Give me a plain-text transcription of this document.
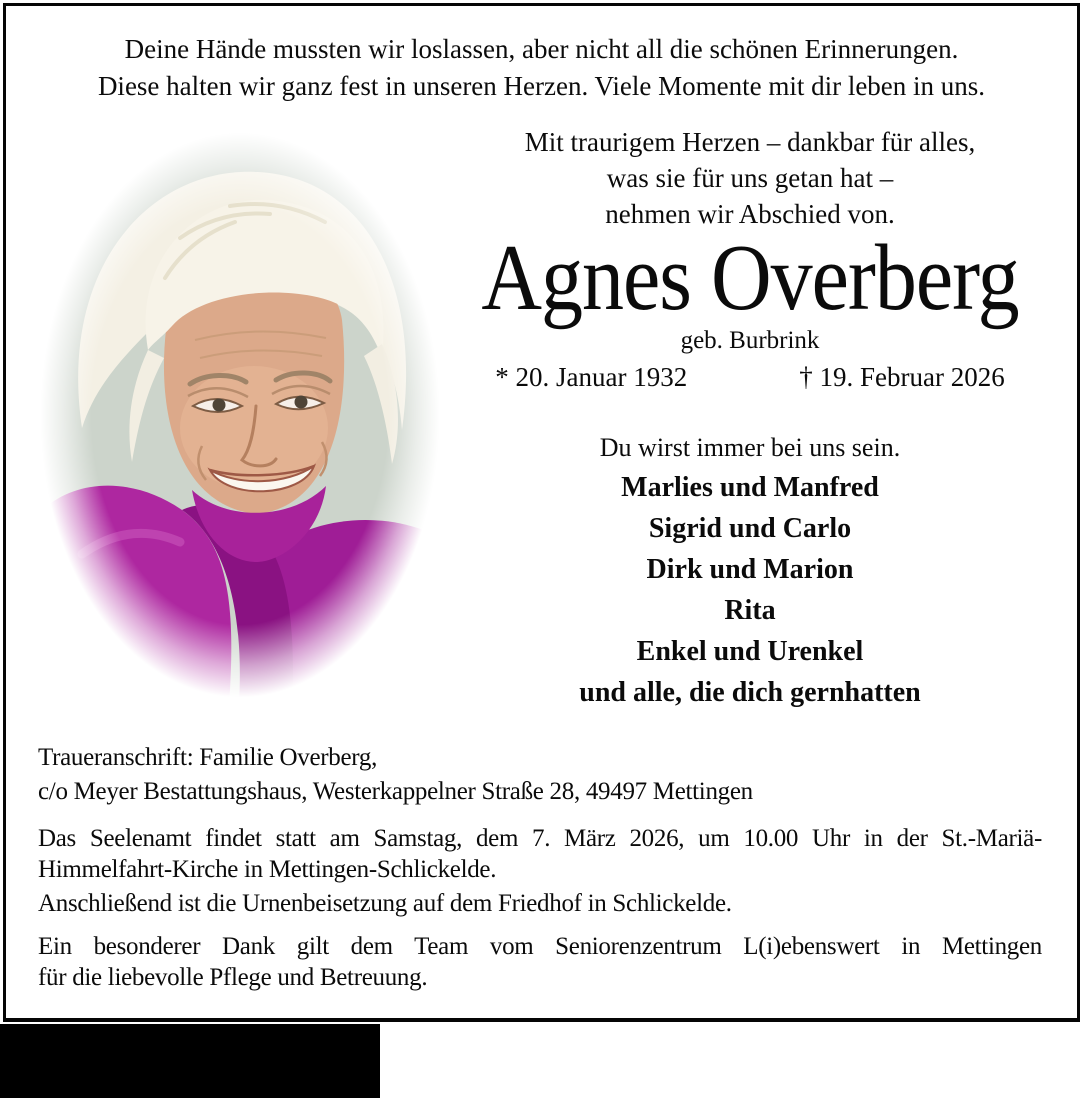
Deine Hände mussten wir loslassen, aber nicht all die schönen Erinnerungen.
Diese halten wir ganz fest in unseren Herzen. Viele Momente mit dir leben in uns.
Mit traurigem Herzen – dankbar für alles,
was sie für uns getan hat –
nehmen wir Abschied von.
Agnes Overberg
geb. Burbrink
* 20. Januar 1932	† 19. Februar 2026
Du wirst immer bei uns sein.
Marlies und Manfred
Sigrid und Carlo
Dirk und Marion
Rita
Enkel und Urenkel
und alle, die dich gernhatten
Traueranschrift: Familie Overberg,
c/o Meyer Bestattungshaus, Westerkappelner Straße 28, 49497 Mettingen
Das Seelenamt findet statt am Samstag, dem 7. März 2026, um 10.00 Uhr in der St.-Mariä-
Himmelfahrt-Kirche in Mettingen-Schlickelde.
Anschließend ist die Urnenbeisetzung auf dem Friedhof in Schlickelde.
Ein besonderer Dank gilt dem Team vom Seniorenzentrum L(i)ebenswert in Mettingen
für die liebevolle Pflege und Betreuung.
